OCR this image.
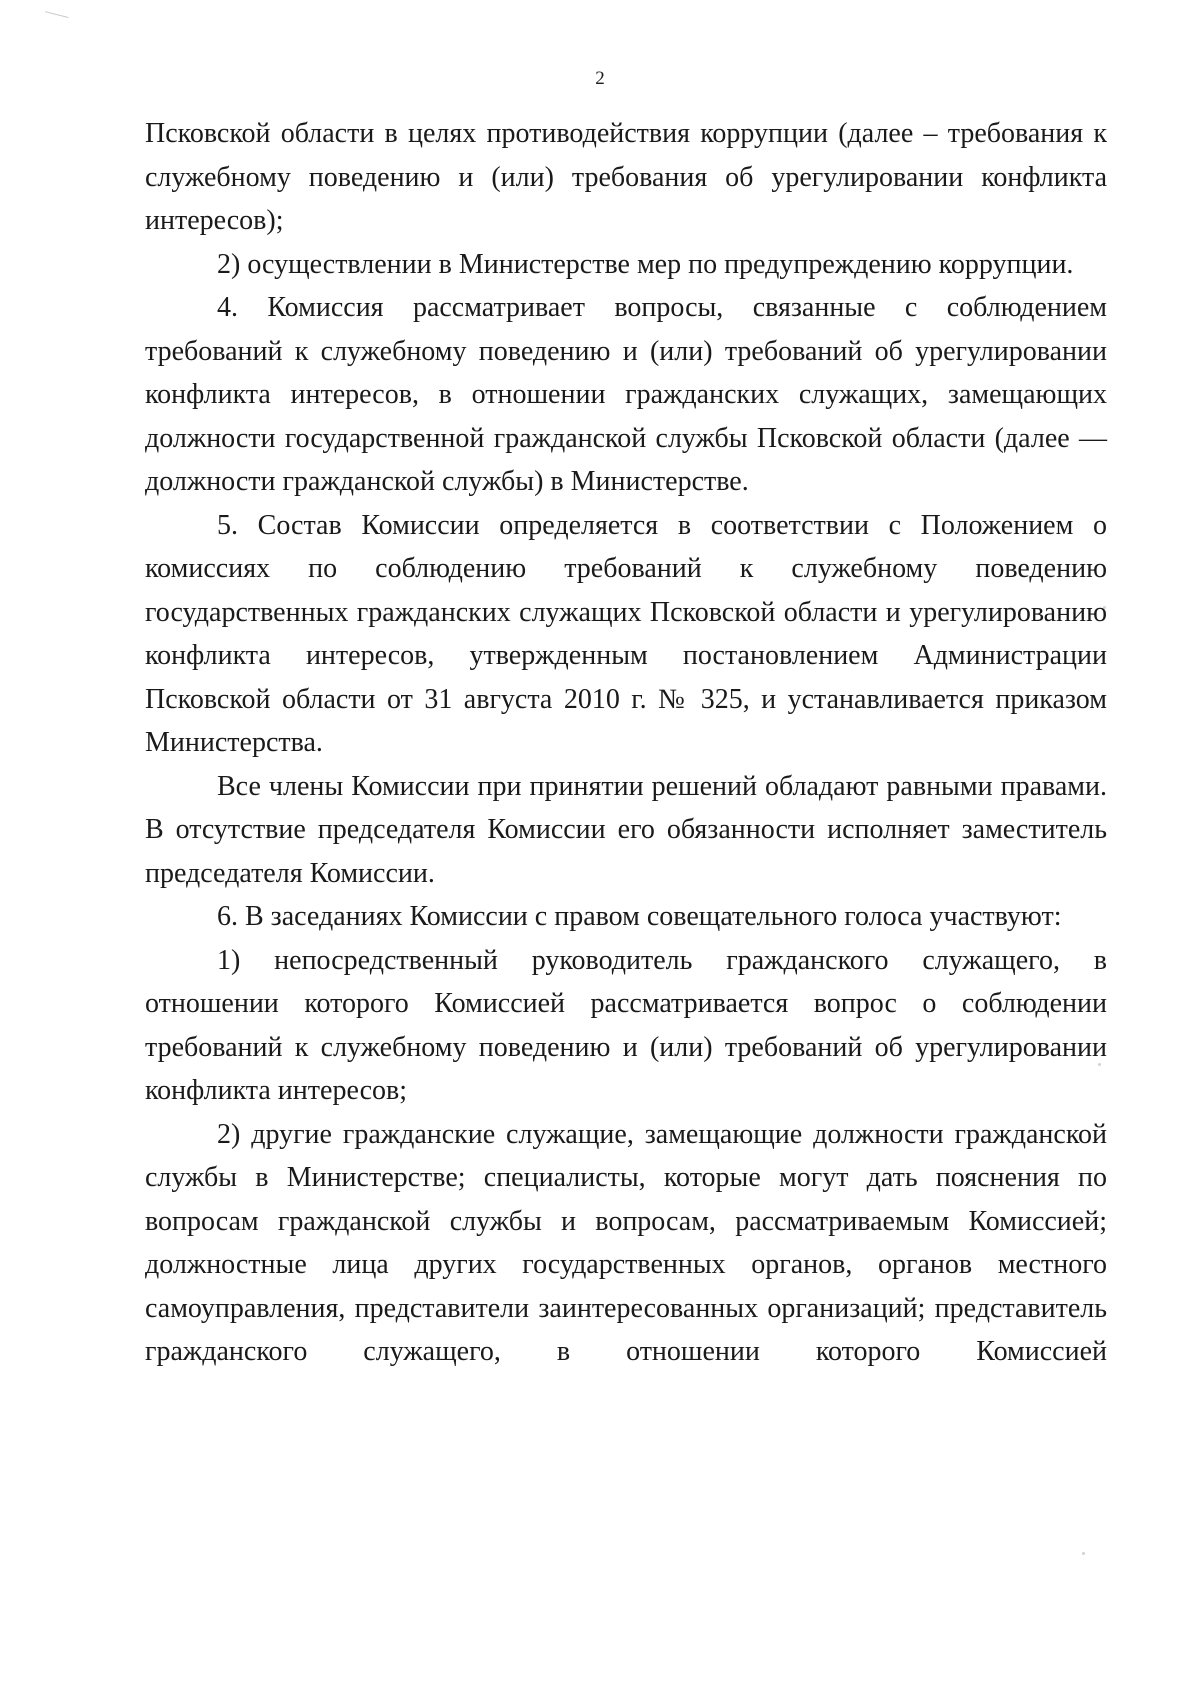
2

Псковской области в целях противодействия коррупции (далее – требования к служебному поведению и (или) требования об урегулировании конфликта интересов);

2) осуществлении в Министерстве мер по предупреждению коррупции.

4. Комиссия рассматривает вопросы, связанные с соблюдением требований к служебному поведению и (или) требований об урегулировании конфликта интересов, в отношении гражданских служащих, замещающих должности государственной гражданской службы Псковской области (далее — должности гражданской службы) в Министерстве.

5. Состав Комиссии определяется в соответствии с Положением о комиссиях по соблюдению требований к служебному поведению государственных гражданских служащих Псковской области и урегулированию конфликта интересов, утвержденным постановлением Администрации Псковской области от 31 августа 2010 г. № 325, и устанавливается приказом Министерства.

Все члены Комиссии при принятии решений обладают равными правами. В отсутствие председателя Комиссии его обязанности исполняет заместитель председателя Комиссии.

6. В заседаниях Комиссии с правом совещательного голоса участвуют:

1) непосредственный руководитель гражданского служащего, в отношении которого Комиссией рассматривается вопрос о соблюдении требований к служебному поведению и (или) требований об урегулировании конфликта интересов;

2) другие гражданские служащие, замещающие должности гражданской службы в Министерстве; специалисты, которые могут дать пояснения по вопросам гражданской службы и вопросам, рассматриваемым Комиссией; должностные лица других государственных органов, органов местного самоуправления, представители заинтересованных организаций; представитель гражданского служащего, в отношении которого Комиссией
